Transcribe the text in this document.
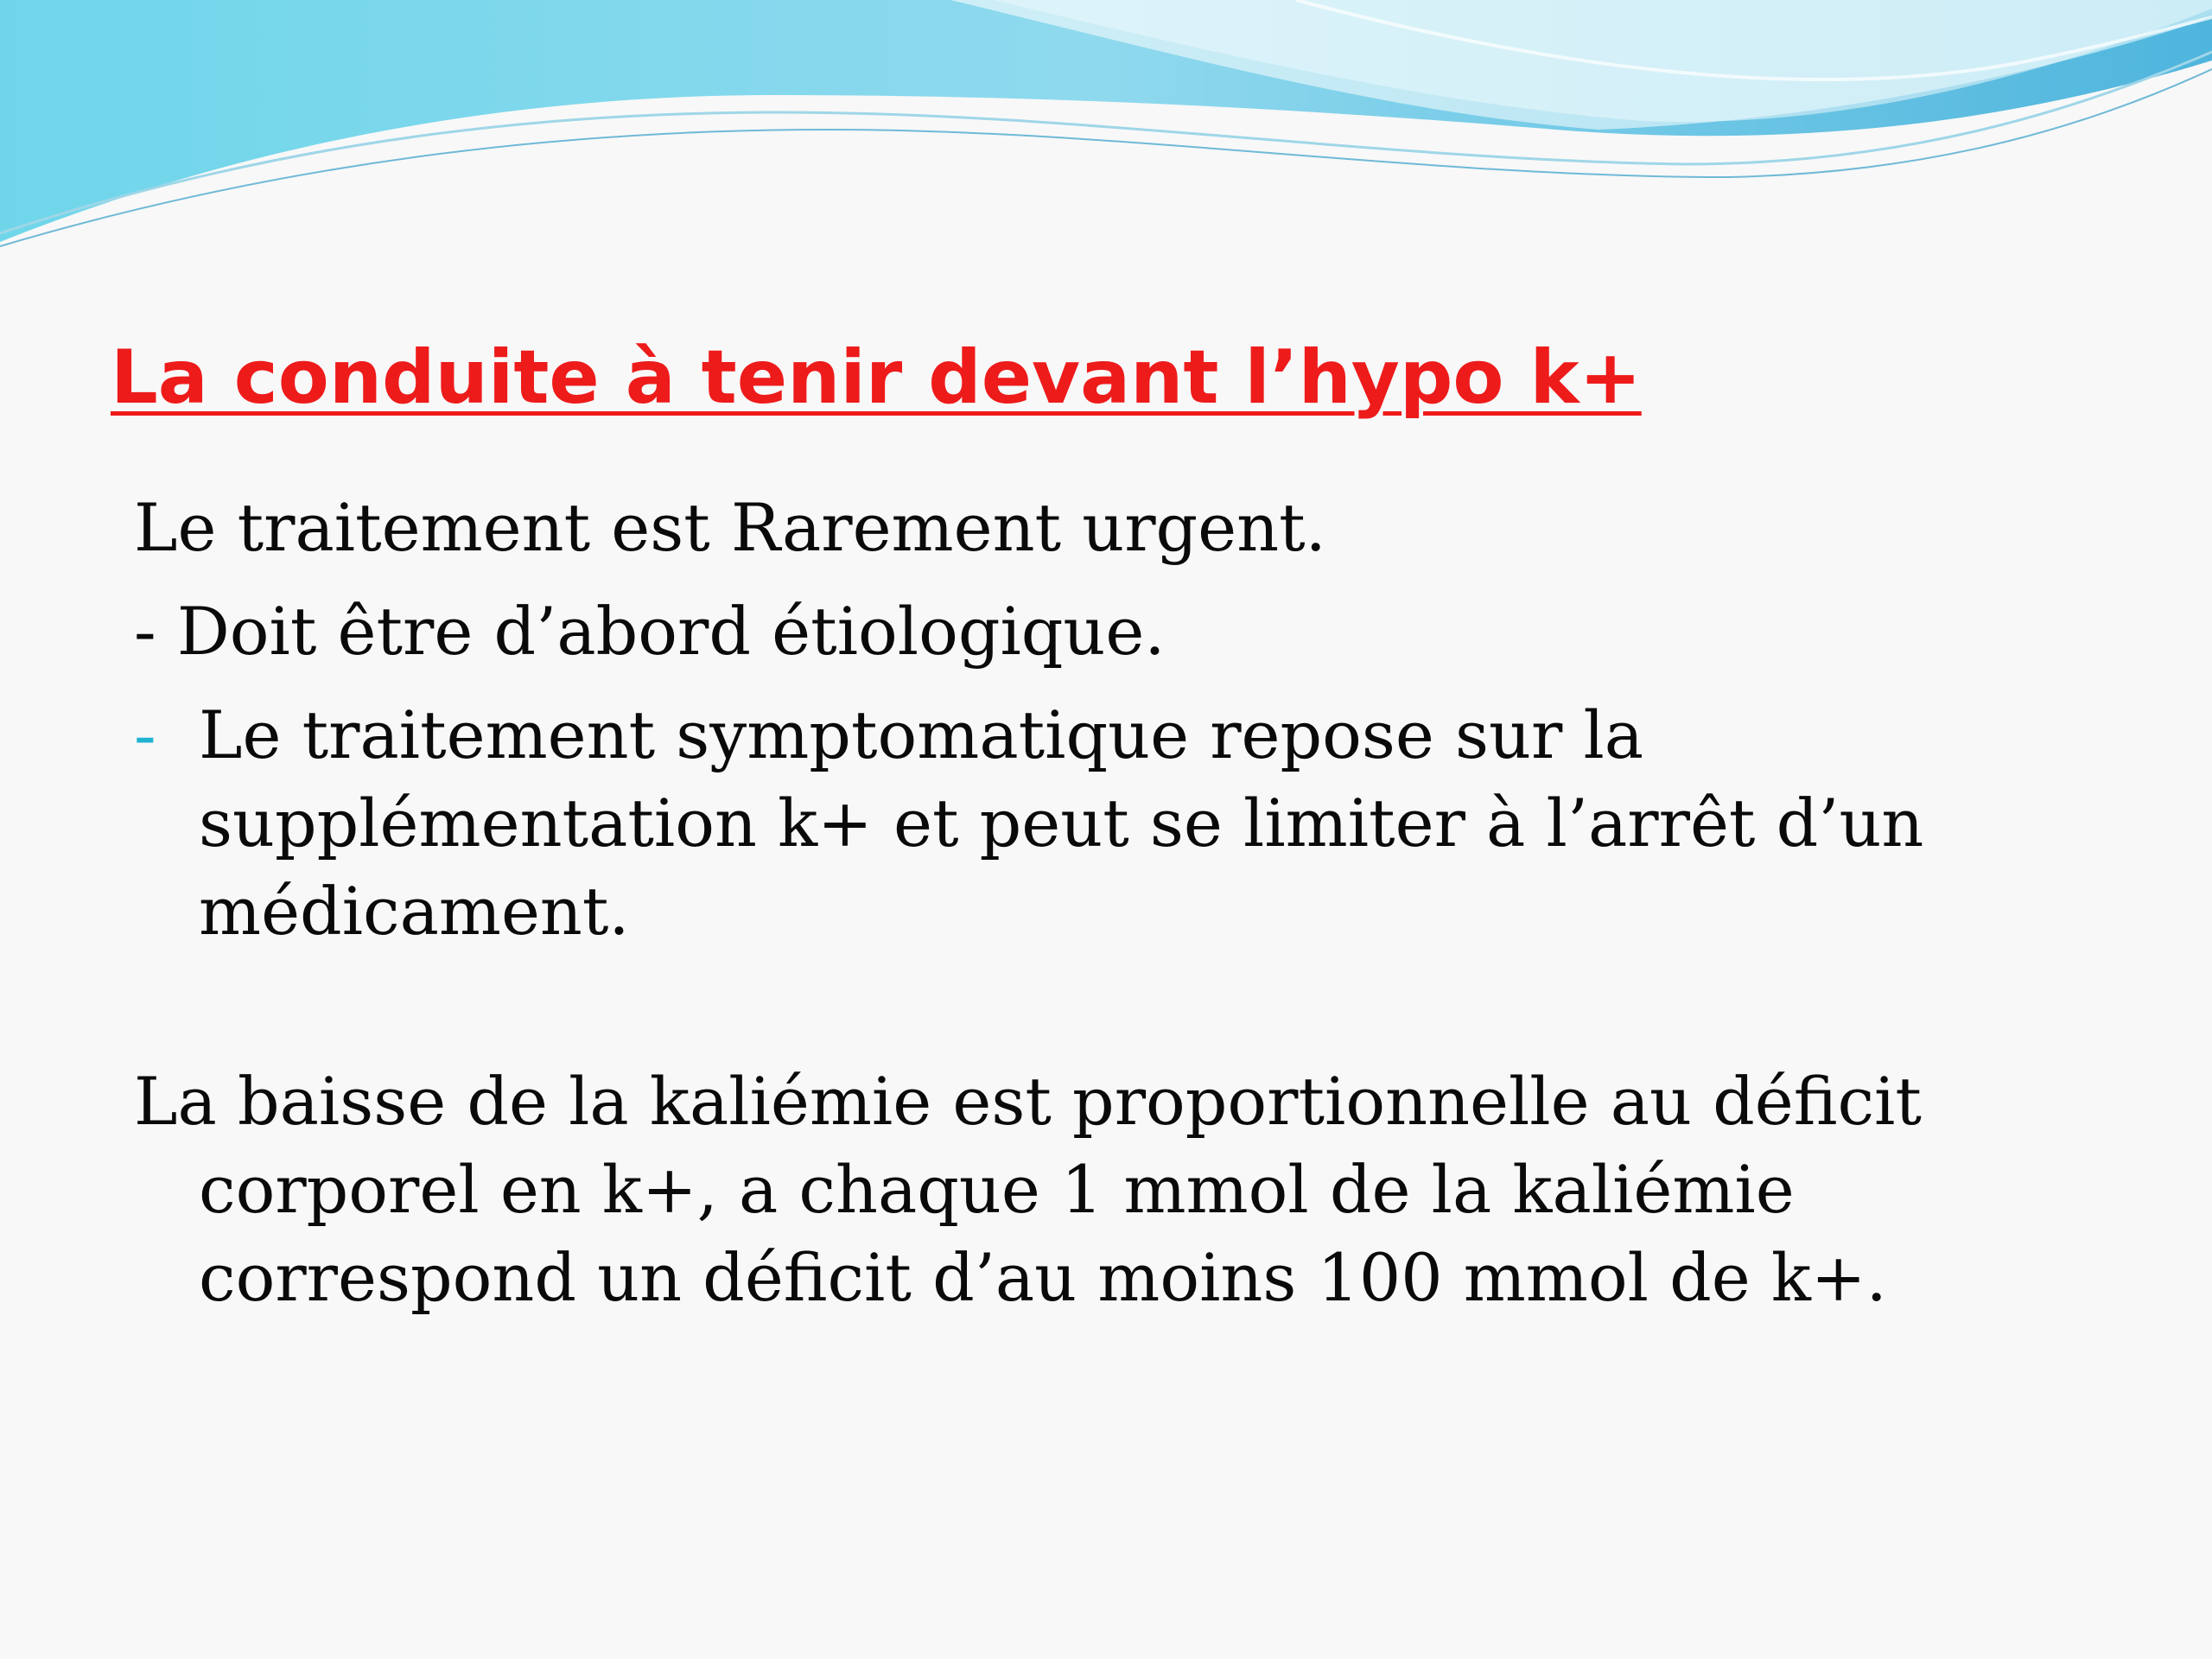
La conduite à tenir devant l’hypo k+

Le traitement est Rarement urgent.

- Doit être d’abord étiologique.

- Le traitement symptomatique repose sur la supplémentation k+ et peut se limiter à l’arrêt d’un médicament.

La baisse de la kaliémie est proportionnelle au déficit corporel en k+, a chaque 1 mmol de la kaliémie correspond un déficit d’au moins 100 mmol de k+.
